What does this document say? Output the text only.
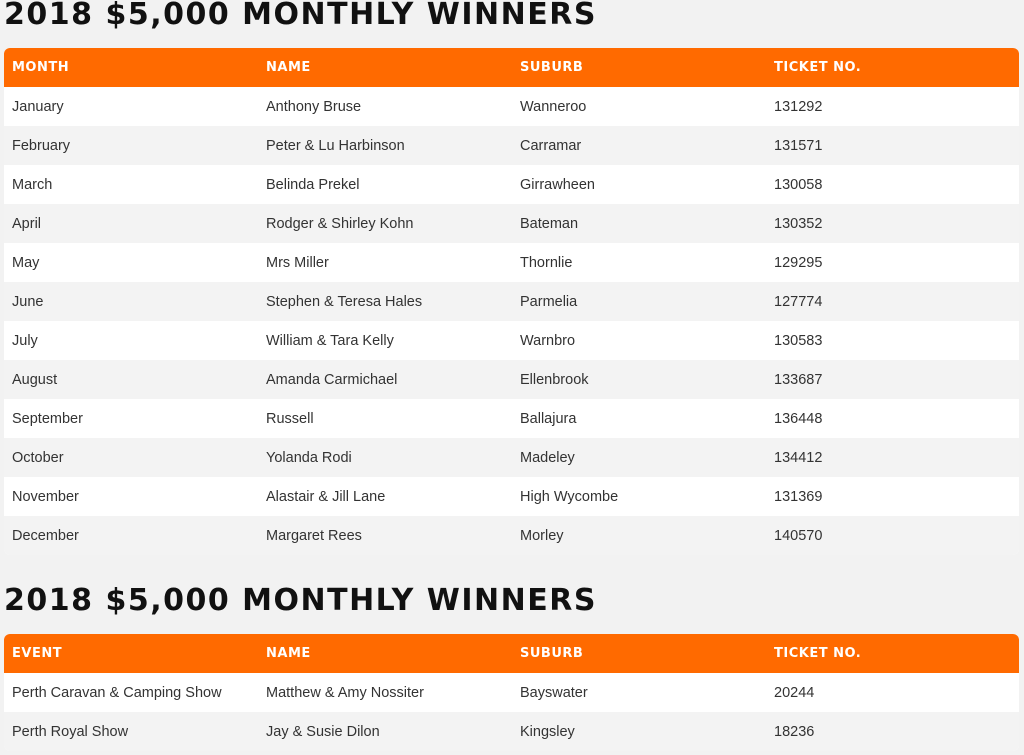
2018 $5,000 MONTHLY WINNERS
MONTH	NAME	SUBURB	TICKET NO.
January	Anthony Bruse	Wanneroo	131292
February	Peter & Lu Harbinson	Carramar	131571
March	Belinda Prekel	Girrawheen	130058
April	Rodger & Shirley Kohn	Bateman	130352
May	Mrs Miller	Thornlie	129295
June	Stephen & Teresa Hales	Parmelia	127774
July	William & Tara Kelly	Warnbro	130583
August	Amanda Carmichael	Ellenbrook	133687
September	Russell	Ballajura	136448
October	Yolanda Rodi	Madeley	134412
November	Alastair & Jill Lane	High Wycombe	131369
December	Margaret Rees	Morley	140570
2018 $5,000 MONTHLY WINNERS
EVENT	NAME	SUBURB	TICKET NO.
Perth Caravan & Camping Show	Matthew & Amy Nossiter	Bayswater	20244
Perth Royal Show	Jay & Susie Dilon	Kingsley	18236
